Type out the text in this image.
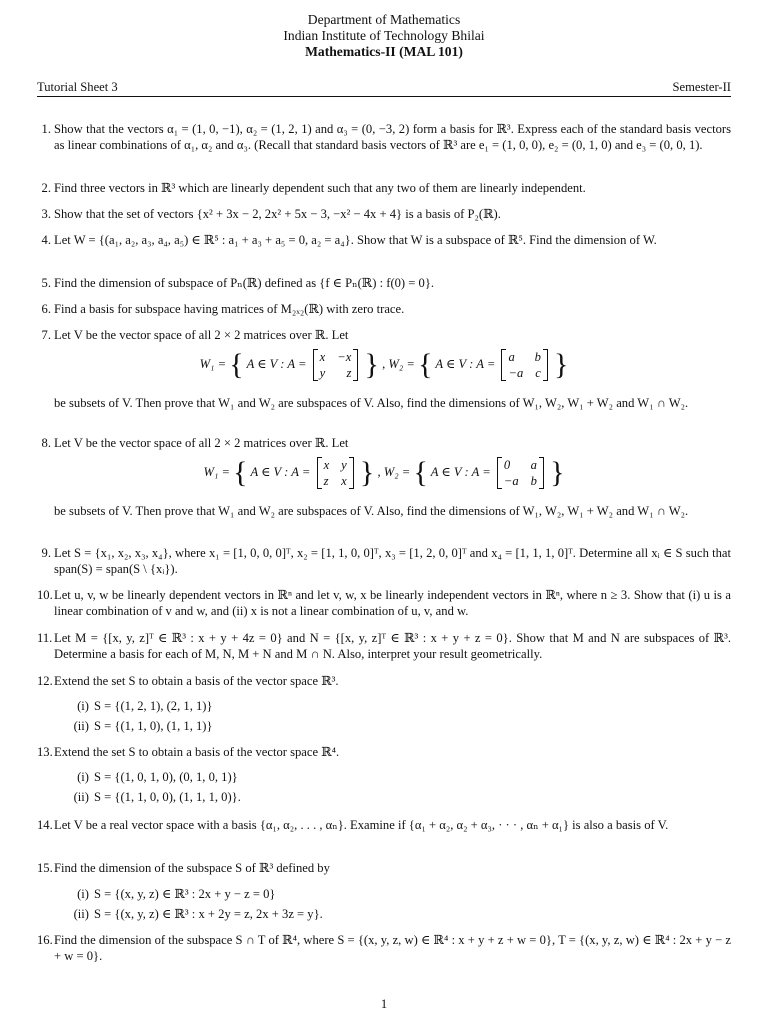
Department of Mathematics
Indian Institute of Technology Bhilai
Mathematics-II (MAL 101)
Tutorial Sheet 3	Semester-II
1. Show that the vectors α₁ = (1, 0, −1), α₂ = (1, 2, 1) and α₃ = (0, −3, 2) form a basis for ℝ³. Express each of the standard basis vectors as linear combinations of α₁, α₂ and α₃. (Recall that standard basis vectors of ℝ³ are e₁ = (1, 0, 0), e₂ = (0, 1, 0) and e₃ = (0, 0, 1).
2. Find three vectors in ℝ³ which are linearly dependent such that any two of them are linearly independent.
3. Show that the set of vectors {x² + 3x − 2, 2x² + 5x − 3, −x² − 4x + 4} is a basis of P₂(ℝ).
4. Let W = {(a₁, a₂, a₃, a₄, a₅) ∈ ℝ⁵ : a₁ + a₃ + a₅ = 0, a₂ = a₄}. Show that W is a subspace of ℝ⁵. Find the dimension of W.
5. Find the dimension of subspace of Pₙ(ℝ) defined as {f ∈ Pₙ(ℝ) : f(0) = 0}.
6. Find a basis for subspace having matrices of M₂ₓ₂(ℝ) with zero trace.
7. Let V be the vector space of all 2 × 2 matrices over ℝ. Let
W₁ = { A ∈ V : A = x −x
y z } , W₂ = { A ∈ V : A = a b
−a c }
be subsets of V. Then prove that W₁ and W₂ are subspaces of V. Also, find the dimensions of W₁, W₂, W₁ + W₂ and W₁ ∩ W₂.
8. Let V be the vector space of all 2 × 2 matrices over ℝ. Let
W₁ = { A ∈ V : A = x y
z x } , W₂ = { A ∈ V : A = 0 a
−a b }
be subsets of V. Then prove that W₁ and W₂ are subspaces of V. Also, find the dimensions of W₁, W₂, W₁ + W₂ and W₁ ∩ W₂.
9. Let S = {x₁, x₂, x₃, x₄}, where x₁ = [1, 0, 0, 0]ᵀ, x₂ = [1, 1, 0, 0]ᵀ, x₃ = [1, 2, 0, 0]ᵀ and x₄ = [1, 1, 1, 0]ᵀ. Determine all xᵢ ∈ S such that span(S) = span(S \ {xᵢ}).
10. Let u, v, w be linearly dependent vectors in ℝⁿ and let v, w, x be linearly independent vectors in ℝⁿ, where n ≥ 3. Show that (i) u is a linear combination of v and w, and (ii) x is not a linear combination of u, v, and w.
11. Let M = {[x, y, z]ᵀ ∈ ℝ³ : x + y + 4z = 0} and N = {[x, y, z]ᵀ ∈ ℝ³ : x + y + z = 0}. Show that M and N are subspaces of ℝ³. Determine a basis for each of M, N, M + N and M ∩ N. Also, interpret your result geometrically.
12. Extend the set S to obtain a basis of the vector space ℝ³.
(i) S = {(1, 2, 1), (2, 1, 1)}
(ii) S = {(1, 1, 0), (1, 1, 1)}
13. Extend the set S to obtain a basis of the vector space ℝ⁴.
(i) S = {(1, 0, 1, 0), (0, 1, 0, 1)}
(ii) S = {(1, 1, 0, 0), (1, 1, 1, 0)}.
14. Let V be a real vector space with a basis {α₁, α₂, . . . , αₙ}. Examine if {α₁ + α₂, α₂ + α₃, · · · , αₙ + α₁} is also a basis of V.
15. Find the dimension of the subspace S of ℝ³ defined by
(i) S = {(x, y, z) ∈ ℝ³ : 2x + y − z = 0}
(ii) S = {(x, y, z) ∈ ℝ³ : x + 2y = z, 2x + 3z = y}.
16. Find the dimension of the subspace S ∩ T of ℝ⁴, where S = {(x, y, z, w) ∈ ℝ⁴ : x + y + z + w = 0}, T = {(x, y, z, w) ∈ ℝ⁴ : 2x + y − z + w = 0}.
1
